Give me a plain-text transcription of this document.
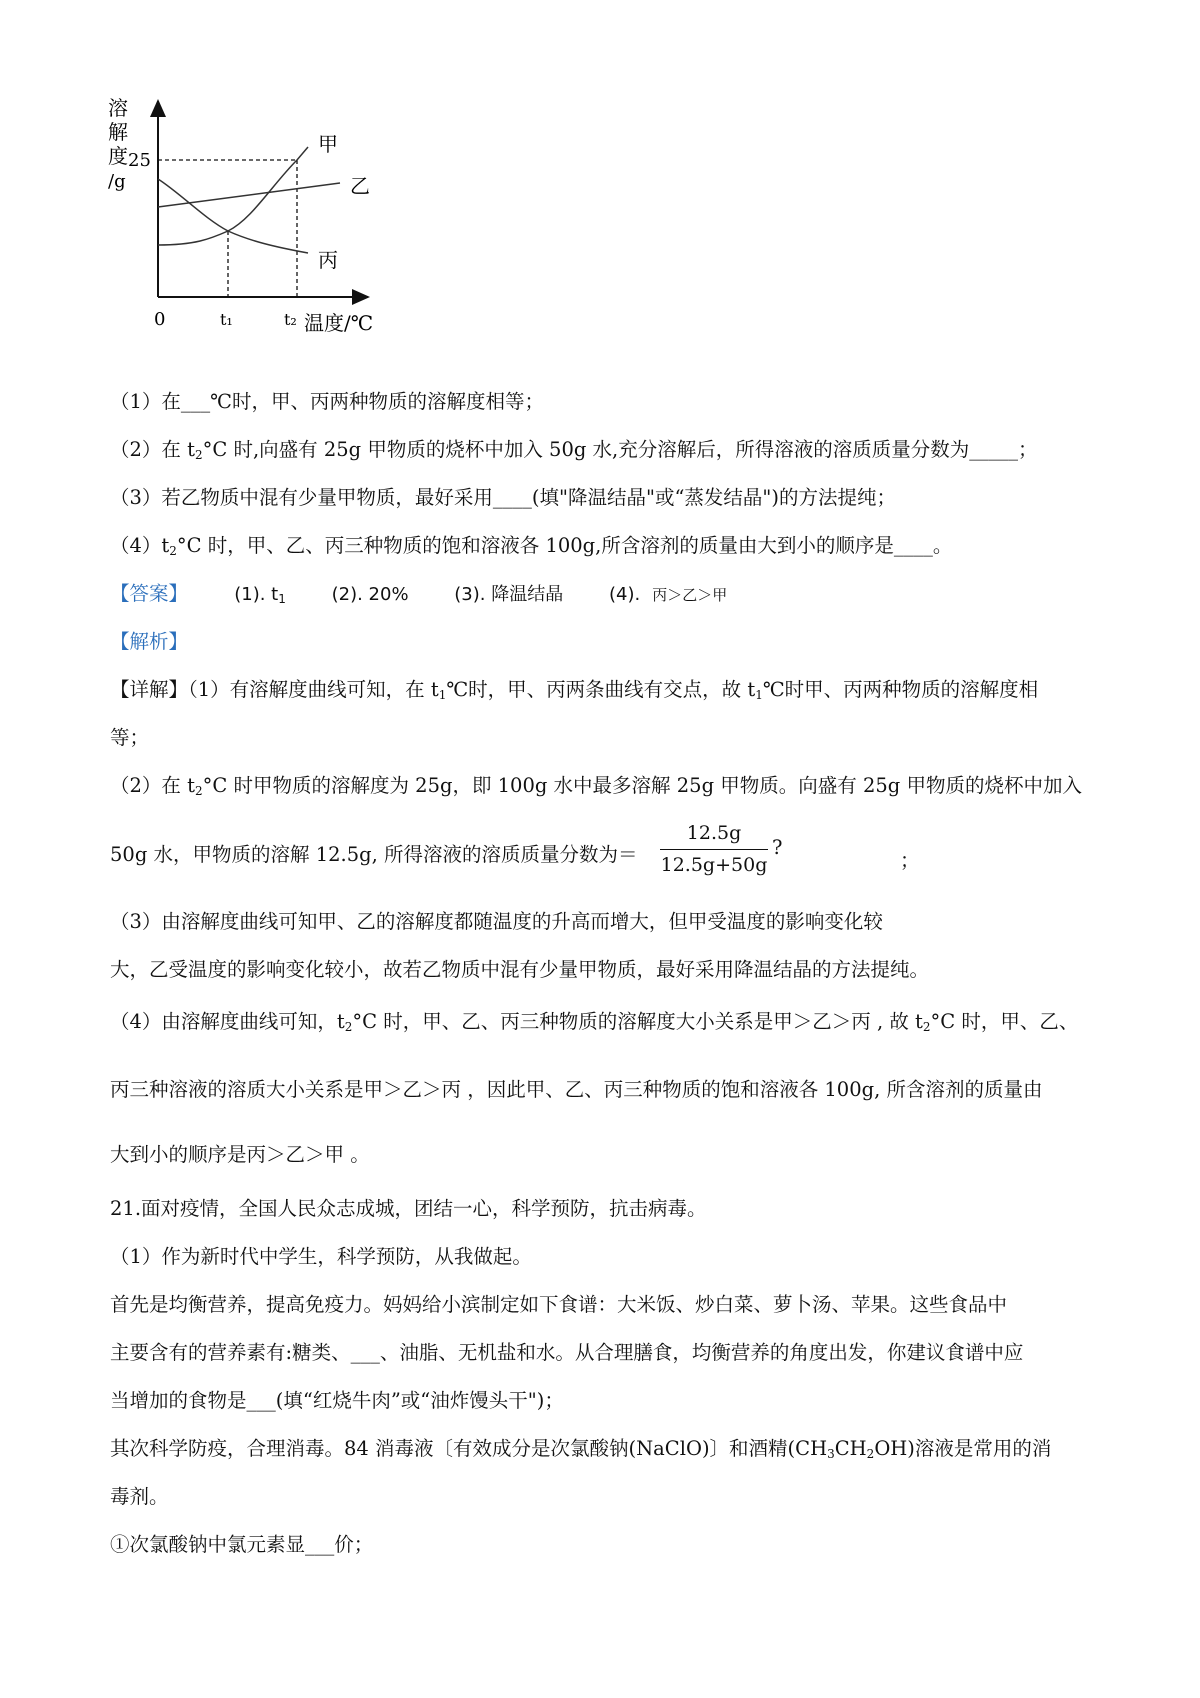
溶
解
度
/g
甲
乙
丙
25
0	t₁	t₂ 温度/℃
（1）在___℃时，甲、丙两种物质的溶解度相等；
（2）在 $t_2^\circ C$ 时,向盛有 25g 甲物质的烧杯中加入 50g 水,充分溶解后，所得溶液的溶质质量分数为_____；
（3）若乙物质中混有少量甲物质，最好采用____(填"降温结晶"或“蒸发结晶")的方法提纯；
$(4)t_2^\circ C$ 时，甲、乙、丙三种物质的饱和溶液各 100g,所含溶剂的质量由大到小的顺序是____。
【答案】	(1). t1	(2). 20%	(3). 降温结晶	(4). 丙＞乙＞甲
【解析】
【详解】（1）有溶解度曲线可知，在 $t_1℃$时，甲、丙两条曲线有交点，故 $t_1℃$时甲、丙两种物质的溶解度相
等；
（2）在 $t_2^\circ C$ 时甲物质的溶解度为 25g，即 100g 水中最多溶解 25g 甲物质。向盛有 25g 甲物质的烧杯中加入
50g 水，甲物质的溶解 12.5g, 所得溶液的溶质质量分数为＝
12.5g
12.5g+50g
?
；
（3）由溶解度曲线可知甲、乙的溶解度都随温度的升高而增大，但甲受温度的影响变化较
大，乙受温度的影响变化较小，故若乙物质中混有少量甲物质，最好采用降温结晶的方法提纯。
（4）由溶解度曲线可知，$t_2^\circ C$ 时，甲、乙、丙三种物质的溶解度大小关系是甲＞乙＞丙 , 故 $t_2^\circ C$ 时，甲、乙、
丙三种溶液的溶质大小关系是甲＞乙＞丙 ，因此甲、乙、丙三种物质的饱和溶液各 100g, 所含溶剂的质量由
大到小的顺序是丙＞乙＞甲 。
21.面对疫情，全国人民众志成城，团结一心，科学预防，抗击病毒。
（1）作为新时代中学生，科学预防，从我做起。
首先是均衡营养，提高免疫力。妈妈给小滨制定如下食谱：大米饭、炒白菜、萝卜汤、苹果。这些食品中
主要含有的营养素有:糖类、___、油脂、无机盐和水。从合理膳食，均衡营养的角度出发，你建议食谱中应
当增加的食物是___(填“红烧牛肉”或“油炸馒头干")；
其次科学防疫，合理消毒。84 消毒液〔有效成分是次氯酸钠(NaClO)〕和酒精$(CH_3CH_2OH)$溶液是常用的消
毒剂。
①次氯酸钠中氯元素显___价；
